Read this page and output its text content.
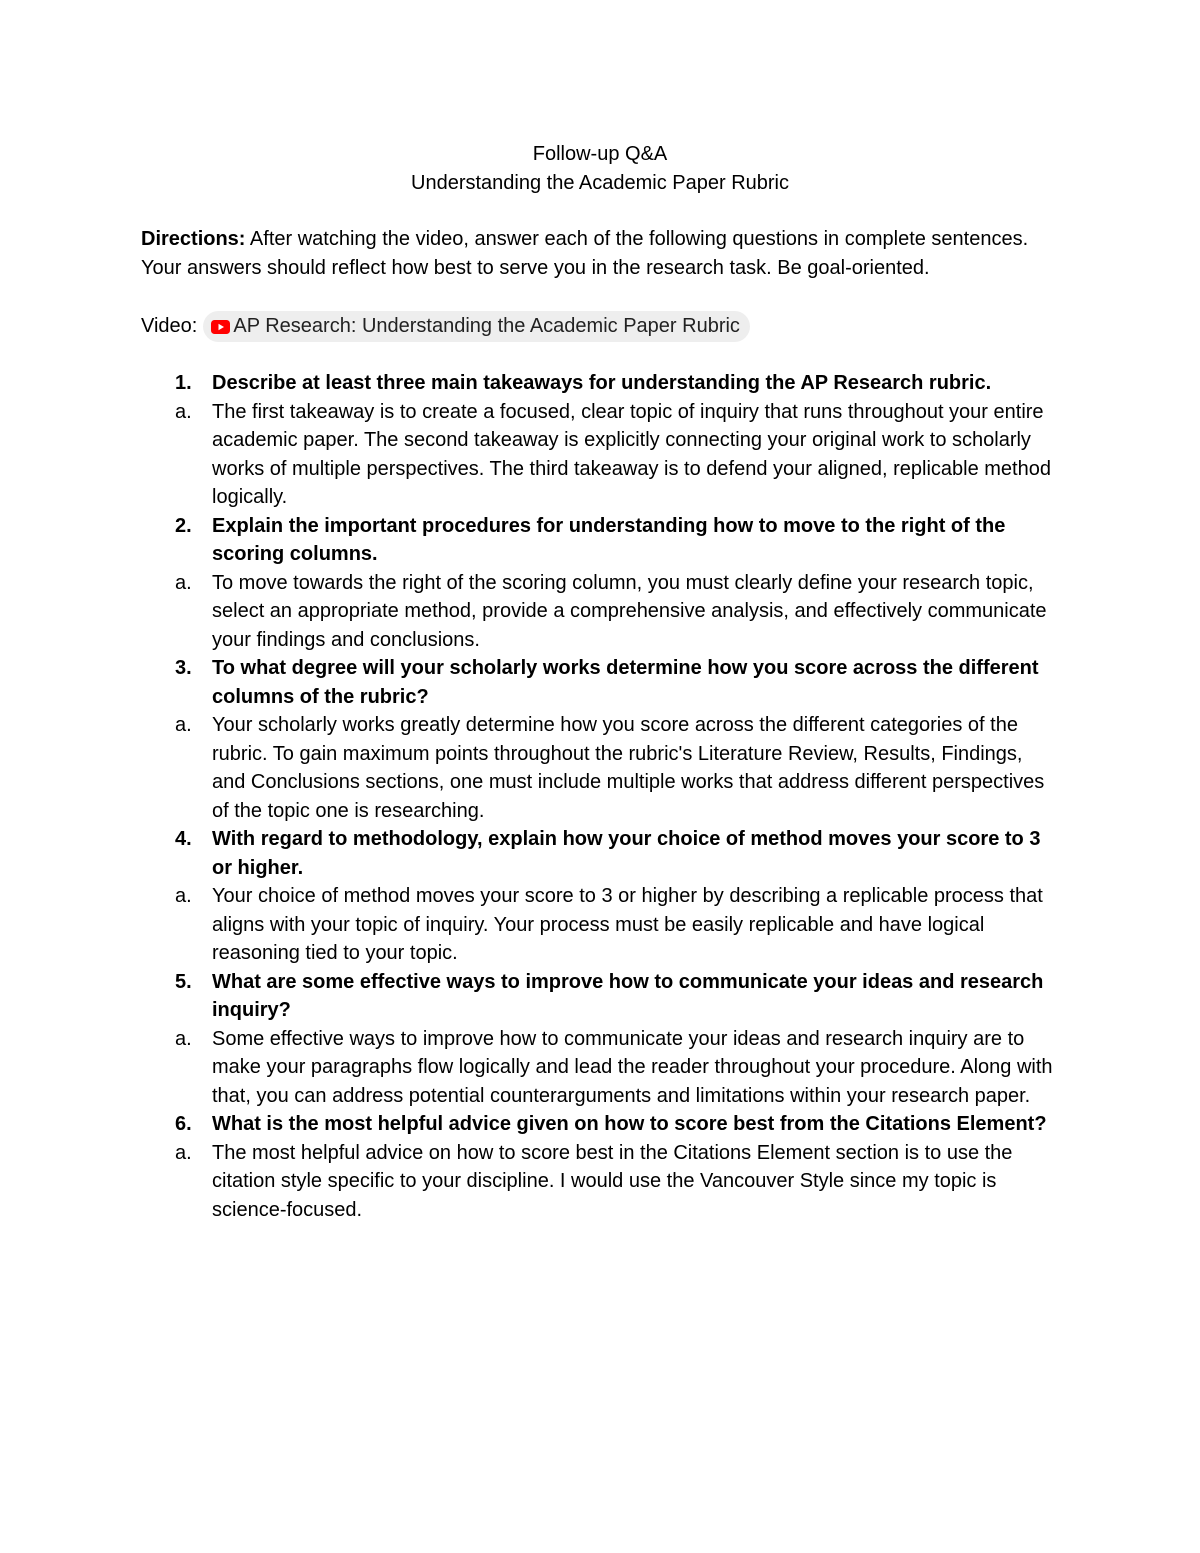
Follow-up Q&A
Understanding the Academic Paper Rubric
Directions: After watching the video, answer each of the following questions in complete sentences. Your answers should reflect how best to serve you in the research task. Be goal-oriented.
Video: AP Research: Understanding the Academic Paper Rubric
1. Describe at least three main takeaways for understanding the AP Research rubric.
a. The first takeaway is to create a focused, clear topic of inquiry that runs throughout your entire academic paper. The second takeaway is explicitly connecting your original work to scholarly works of multiple perspectives. The third takeaway is to defend your aligned, replicable method logically.
2. Explain the important procedures for understanding how to move to the right of the scoring columns.
a. To move towards the right of the scoring column, you must clearly define your research topic, select an appropriate method, provide a comprehensive analysis, and effectively communicate your findings and conclusions.
3. To what degree will your scholarly works determine how you score across the different columns of the rubric?
a. Your scholarly works greatly determine how you score across the different categories of the rubric. To gain maximum points throughout the rubric's Literature Review, Results, Findings, and Conclusions sections, one must include multiple works that address different perspectives of the topic one is researching.
4. With regard to methodology, explain how your choice of method moves your score to 3 or higher.
a. Your choice of method moves your score to 3 or higher by describing a replicable process that aligns with your topic of inquiry. Your process must be easily replicable and have logical reasoning tied to your topic.
5. What are some effective ways to improve how to communicate your ideas and research inquiry?
a. Some effective ways to improve how to communicate your ideas and research inquiry are to make your paragraphs flow logically and lead the reader throughout your procedure. Along with that, you can address potential counterarguments and limitations within your research paper.
6. What is the most helpful advice given on how to score best from the Citations Element?
a. The most helpful advice on how to score best in the Citations Element section is to use the citation style specific to your discipline. I would use the Vancouver Style since my topic is science-focused.
